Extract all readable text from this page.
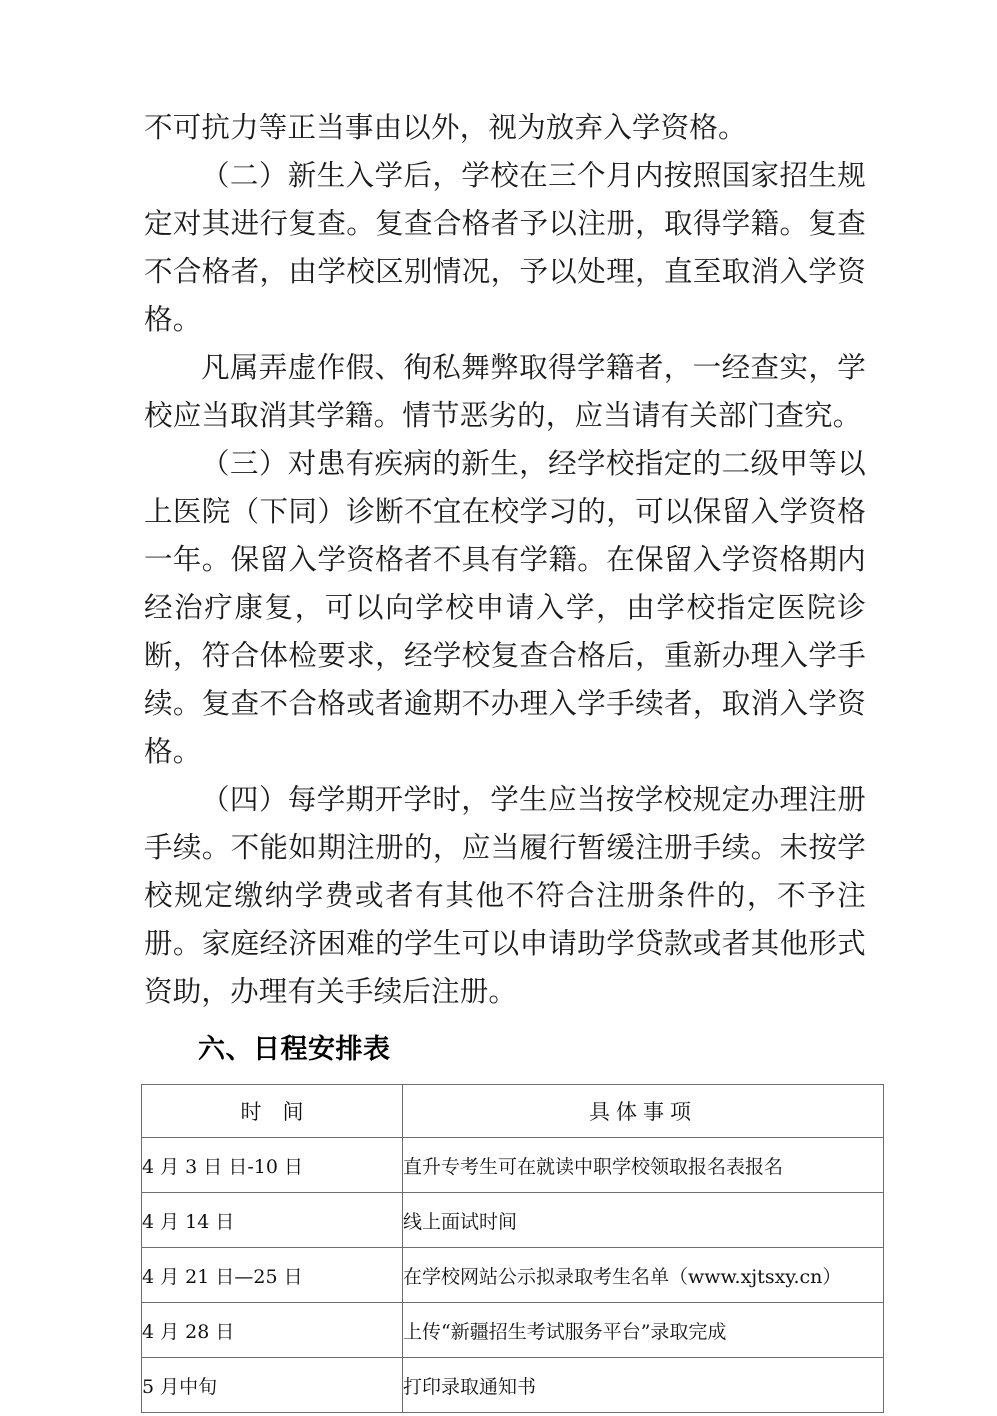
不可抗力等正当事由以外，视为放弃入学资格。

（二）新生入学后，学校在三个月内按照国家招生规定对其进行复查。复查合格者予以注册，取得学籍。复查不合格者，由学校区别情况，予以处理，直至取消入学资格。

凡属弄虚作假、徇私舞弊取得学籍者，一经查实，学校应当取消其学籍。情节恶劣的，应当请有关部门查究。

（三）对患有疾病的新生，经学校指定的二级甲等以上医院（下同）诊断不宜在校学习的，可以保留入学资格一年。保留入学资格者不具有学籍。在保留入学资格期内经治疗康复，可以向学校申请入学，由学校指定医院诊断，符合体检要求，经学校复查合格后，重新办理入学手续。复查不合格或者逾期不办理入学手续者，取消入学资格。

（四）每学期开学时，学生应当按学校规定办理注册手续。不能如期注册的，应当履行暂缓注册手续。未按学校规定缴纳学费或者有其他不符合注册条件的，不予注册。家庭经济困难的学生可以申请助学贷款或者其他形式资助，办理有关手续后注册。

六、日程安排表
时　间	具体事项
4 月 3 日 日-10 日	直升专考生可在就读中职学校领取报名表报名
4 月 14 日	线上面试时间
4 月 21 日—25 日	在学校网站公示拟录取考生名单（www.xjtsxy.cn）
4 月 28 日	上传“新疆招生考试服务平台”录取完成
5 月中旬	打印录取通知书
